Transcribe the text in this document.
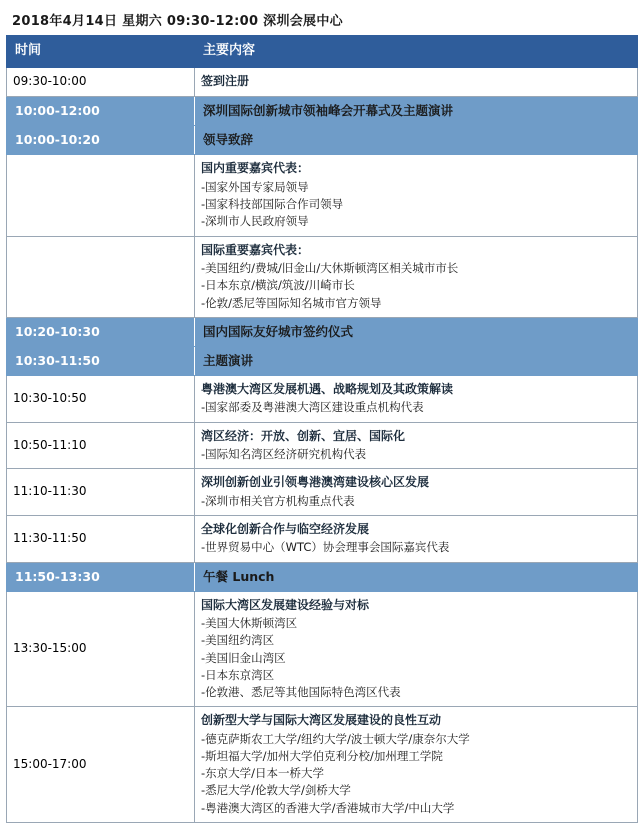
2018年4月14日 星期六 09:30-12:00 深圳会展中心
时间	主要内容
09:30-10:00	签到注册

10:00-12:00	深圳国际创新城市领袖峰会开幕式及主题演讲
10:00-10:20	领导致辞

	国内重要嘉宾代表：
-国家外国专家局领导
-国家科技部国际合作司领导
-深圳市人民政府领导

	国际重要嘉宾代表：
-美国纽约/费城/旧金山/大休斯顿湾区相关城市市长
-日本东京/横滨/筑波/川崎市长
-伦敦/悉尼等国际知名城市官方领导

10:20-10:30	国内国际友好城市签约仪式
10:30-11:50	主题演讲
10:30-10:50	粤港澳大湾区发展机遇、战略规划及其政策解读
-国家部委及粤港澳大湾区建设重点机构代表

10:50-11:10	湾区经济：开放、创新、宜居、国际化
-国际知名湾区经济研究机构代表

11:10-11:30	深圳创新创业引领粤港澳湾建设核心区发展
-深圳市相关官方机构重点代表

11:30-11:50	全球化创新合作与临空经济发展
-世界贸易中心（WTC）协会理事会国际嘉宾代表

11:50-13:30	午餐 Lunch
13:30-15:00	
国际大湾区发展建设经验与对标
-美国大休斯顿湾区
-美国纽约湾区
-美国旧金山湾区
-日本东京湾区
-伦敦港、悉尼等其他国际特色湾区代表

15:00-17:00	
创新型大学与国际大湾区发展建设的良性互动
-德克萨斯农工大学/纽约大学/波士顿大学/康奈尔大学
-斯坦福大学/加州大学伯克利分校/加州理工学院
-东京大学/日本一桥大学
-悉尼大学/伦敦大学/剑桥大学
-粤港澳大湾区的香港大学/香港城市大学/中山大学
